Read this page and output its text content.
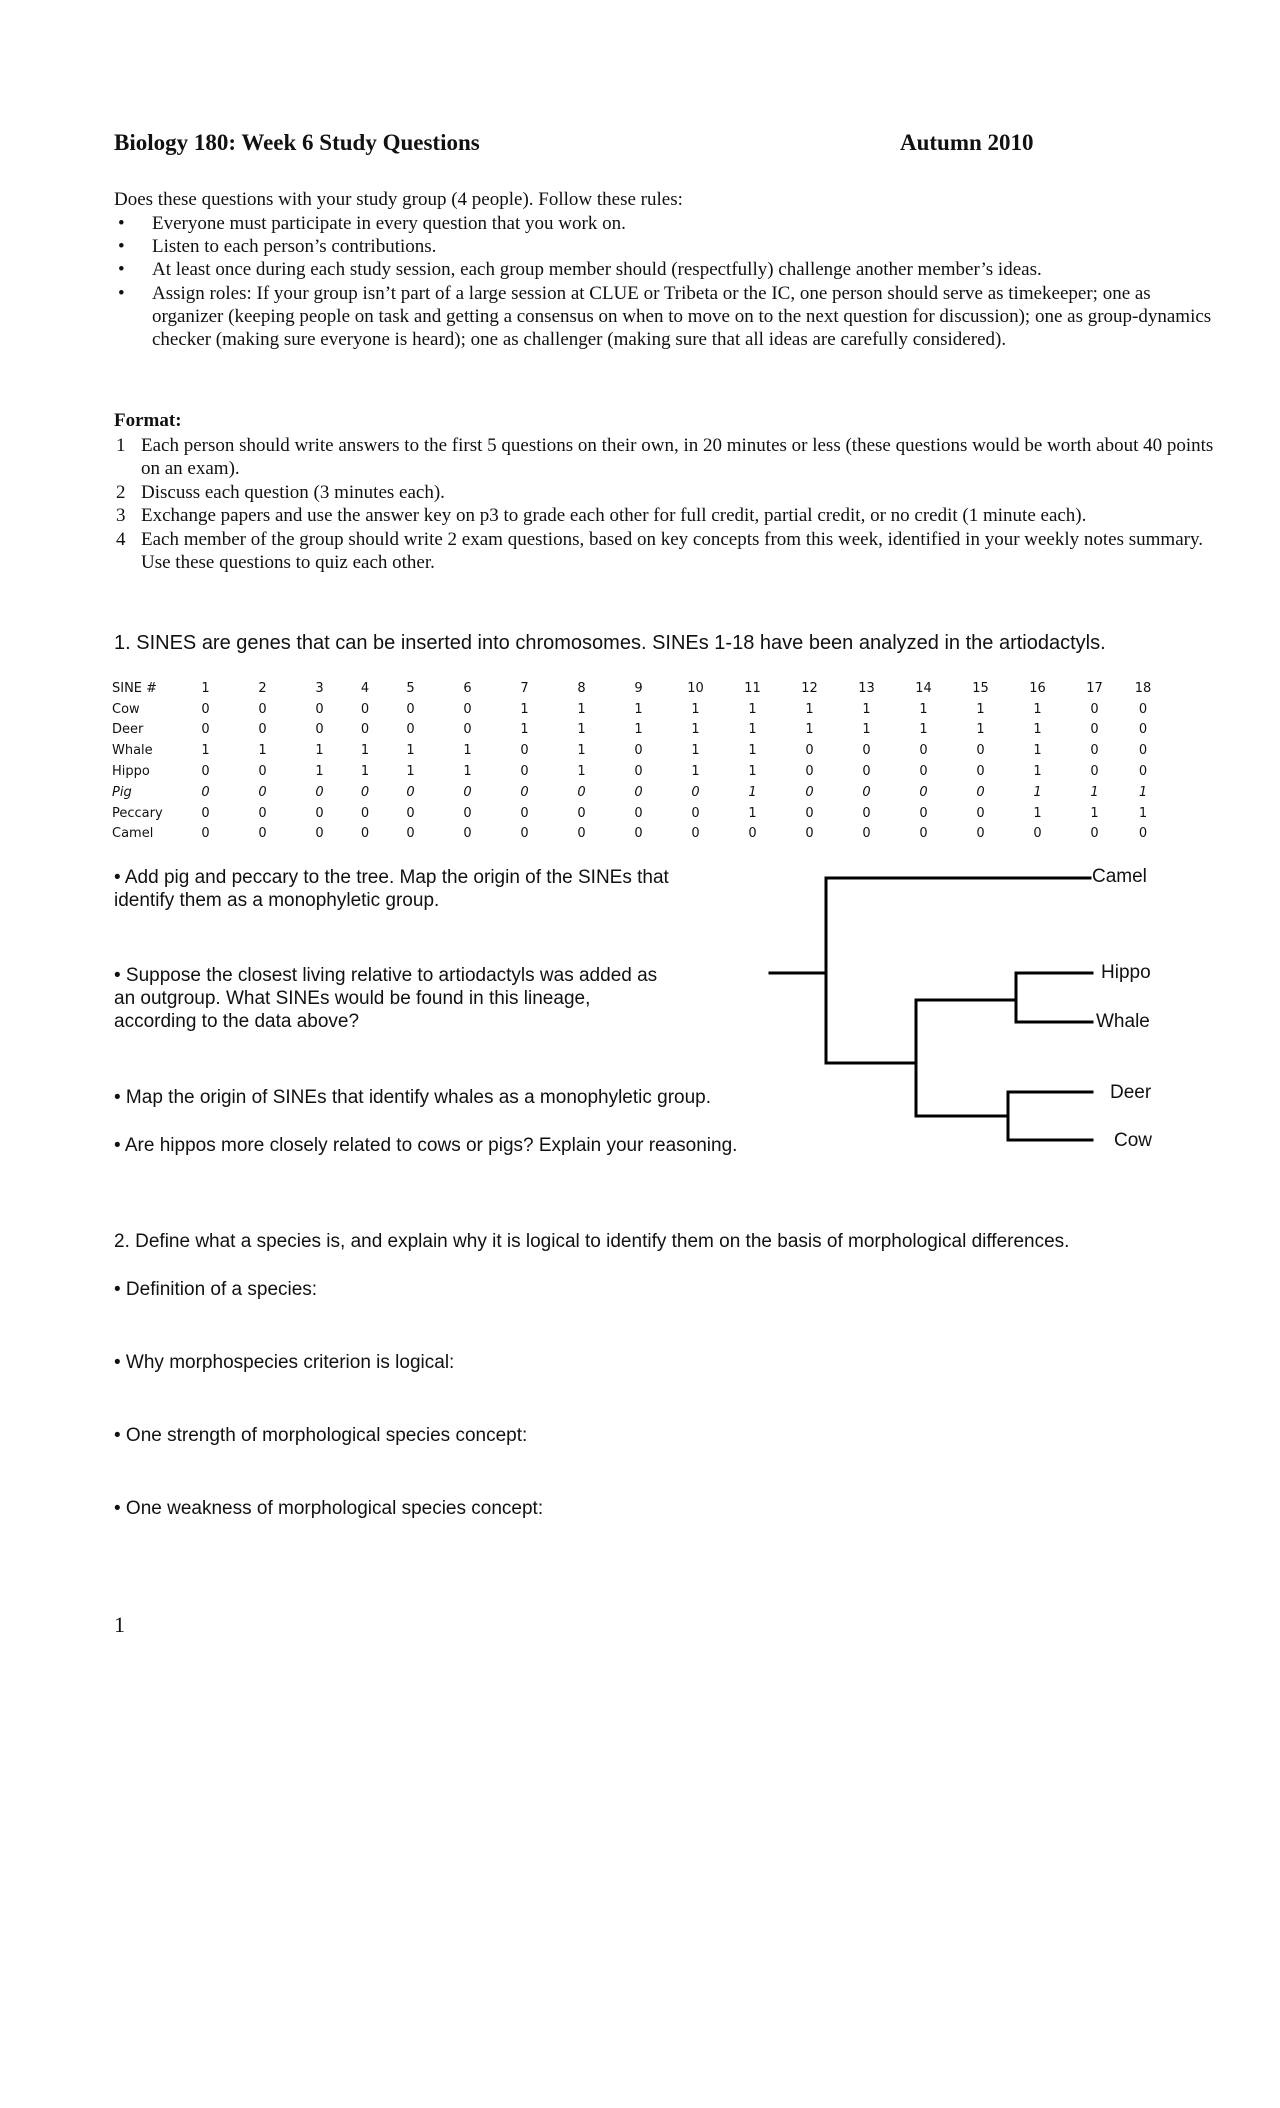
Biology 180: Week 6 Study Questions	Autumn 2010
Does these questions with your study group (4 people). Follow these rules:
• Everyone must participate in every question that you work on.
• Listen to each person’s contributions.
• At least once during each study session, each group member should (respectfully) challenge another member’s ideas.
• Assign roles: If your group isn’t part of a large session at CLUE or Tribeta or the IC, one person should serve as timekeeper; one as organizer (keeping people on task and getting a consensus on when to move on to the next question for discussion); one as group-dynamics checker (making sure everyone is heard); one as challenger (making sure that all ideas are carefully considered).
Format:
1 Each person should write answers to the first 5 questions on their own, in 20 minutes or less (these questions would be worth about 40 points on an exam).
2 Discuss each question (3 minutes each).
3 Exchange papers and use the answer key on p3 to grade each other for full credit, partial credit, or no credit (1 minute each).
4 Each member of the group should write 2 exam questions, based on key concepts from this week, identified in your weekly notes summary. Use these questions to quiz each other.
1. SINES are genes that can be inserted into chromosomes. SINEs 1-18 have been analyzed in the artiodactyls.
SINE #	1	2	3	4	5	6	7	8	9	10	11	12	13	14	15	16	17	18
Cow	0	0	0	0	0	0	1	1	1	1	1	1	1	1	1	1	0	0
Deer	0	0	0	0	0	0	1	1	1	1	1	1	1	1	1	1	0	0
Whale	1	1	1	1	1	1	0	1	0	1	1	0	0	0	0	1	0	0
Hippo	0	0	1	1	1	1	0	1	0	1	1	0	0	0	0	1	0	0
Pig	0	0	0	0	0	0	0	0	0	0	1	0	0	0	0	1	1	1
Peccary	0	0	0	0	0	0	0	0	0	0	1	0	0	0	0	1	1	1
Camel	0	0	0	0	0	0	0	0	0	0	0	0	0	0	0	0	0	0
• Add pig and peccary to the tree. Map the origin of the SINEs that identify them as a monophyletic group.
• Suppose the closest living relative to artiodactyls was added as an outgroup. What SINEs would be found in this lineage, according to the data above?
• Map the origin of SINEs that identify whales as a monophyletic group.
• Are hippos more closely related to cows or pigs? Explain your reasoning.
Camel
Hippo
Whale
Deer
Cow
2. Define what a species is, and explain why it is logical to identify them on the basis of morphological differences.
• Definition of a species:
• Why morphospecies criterion is logical:
• One strength of morphological species concept:
• One weakness of morphological species concept:
1
